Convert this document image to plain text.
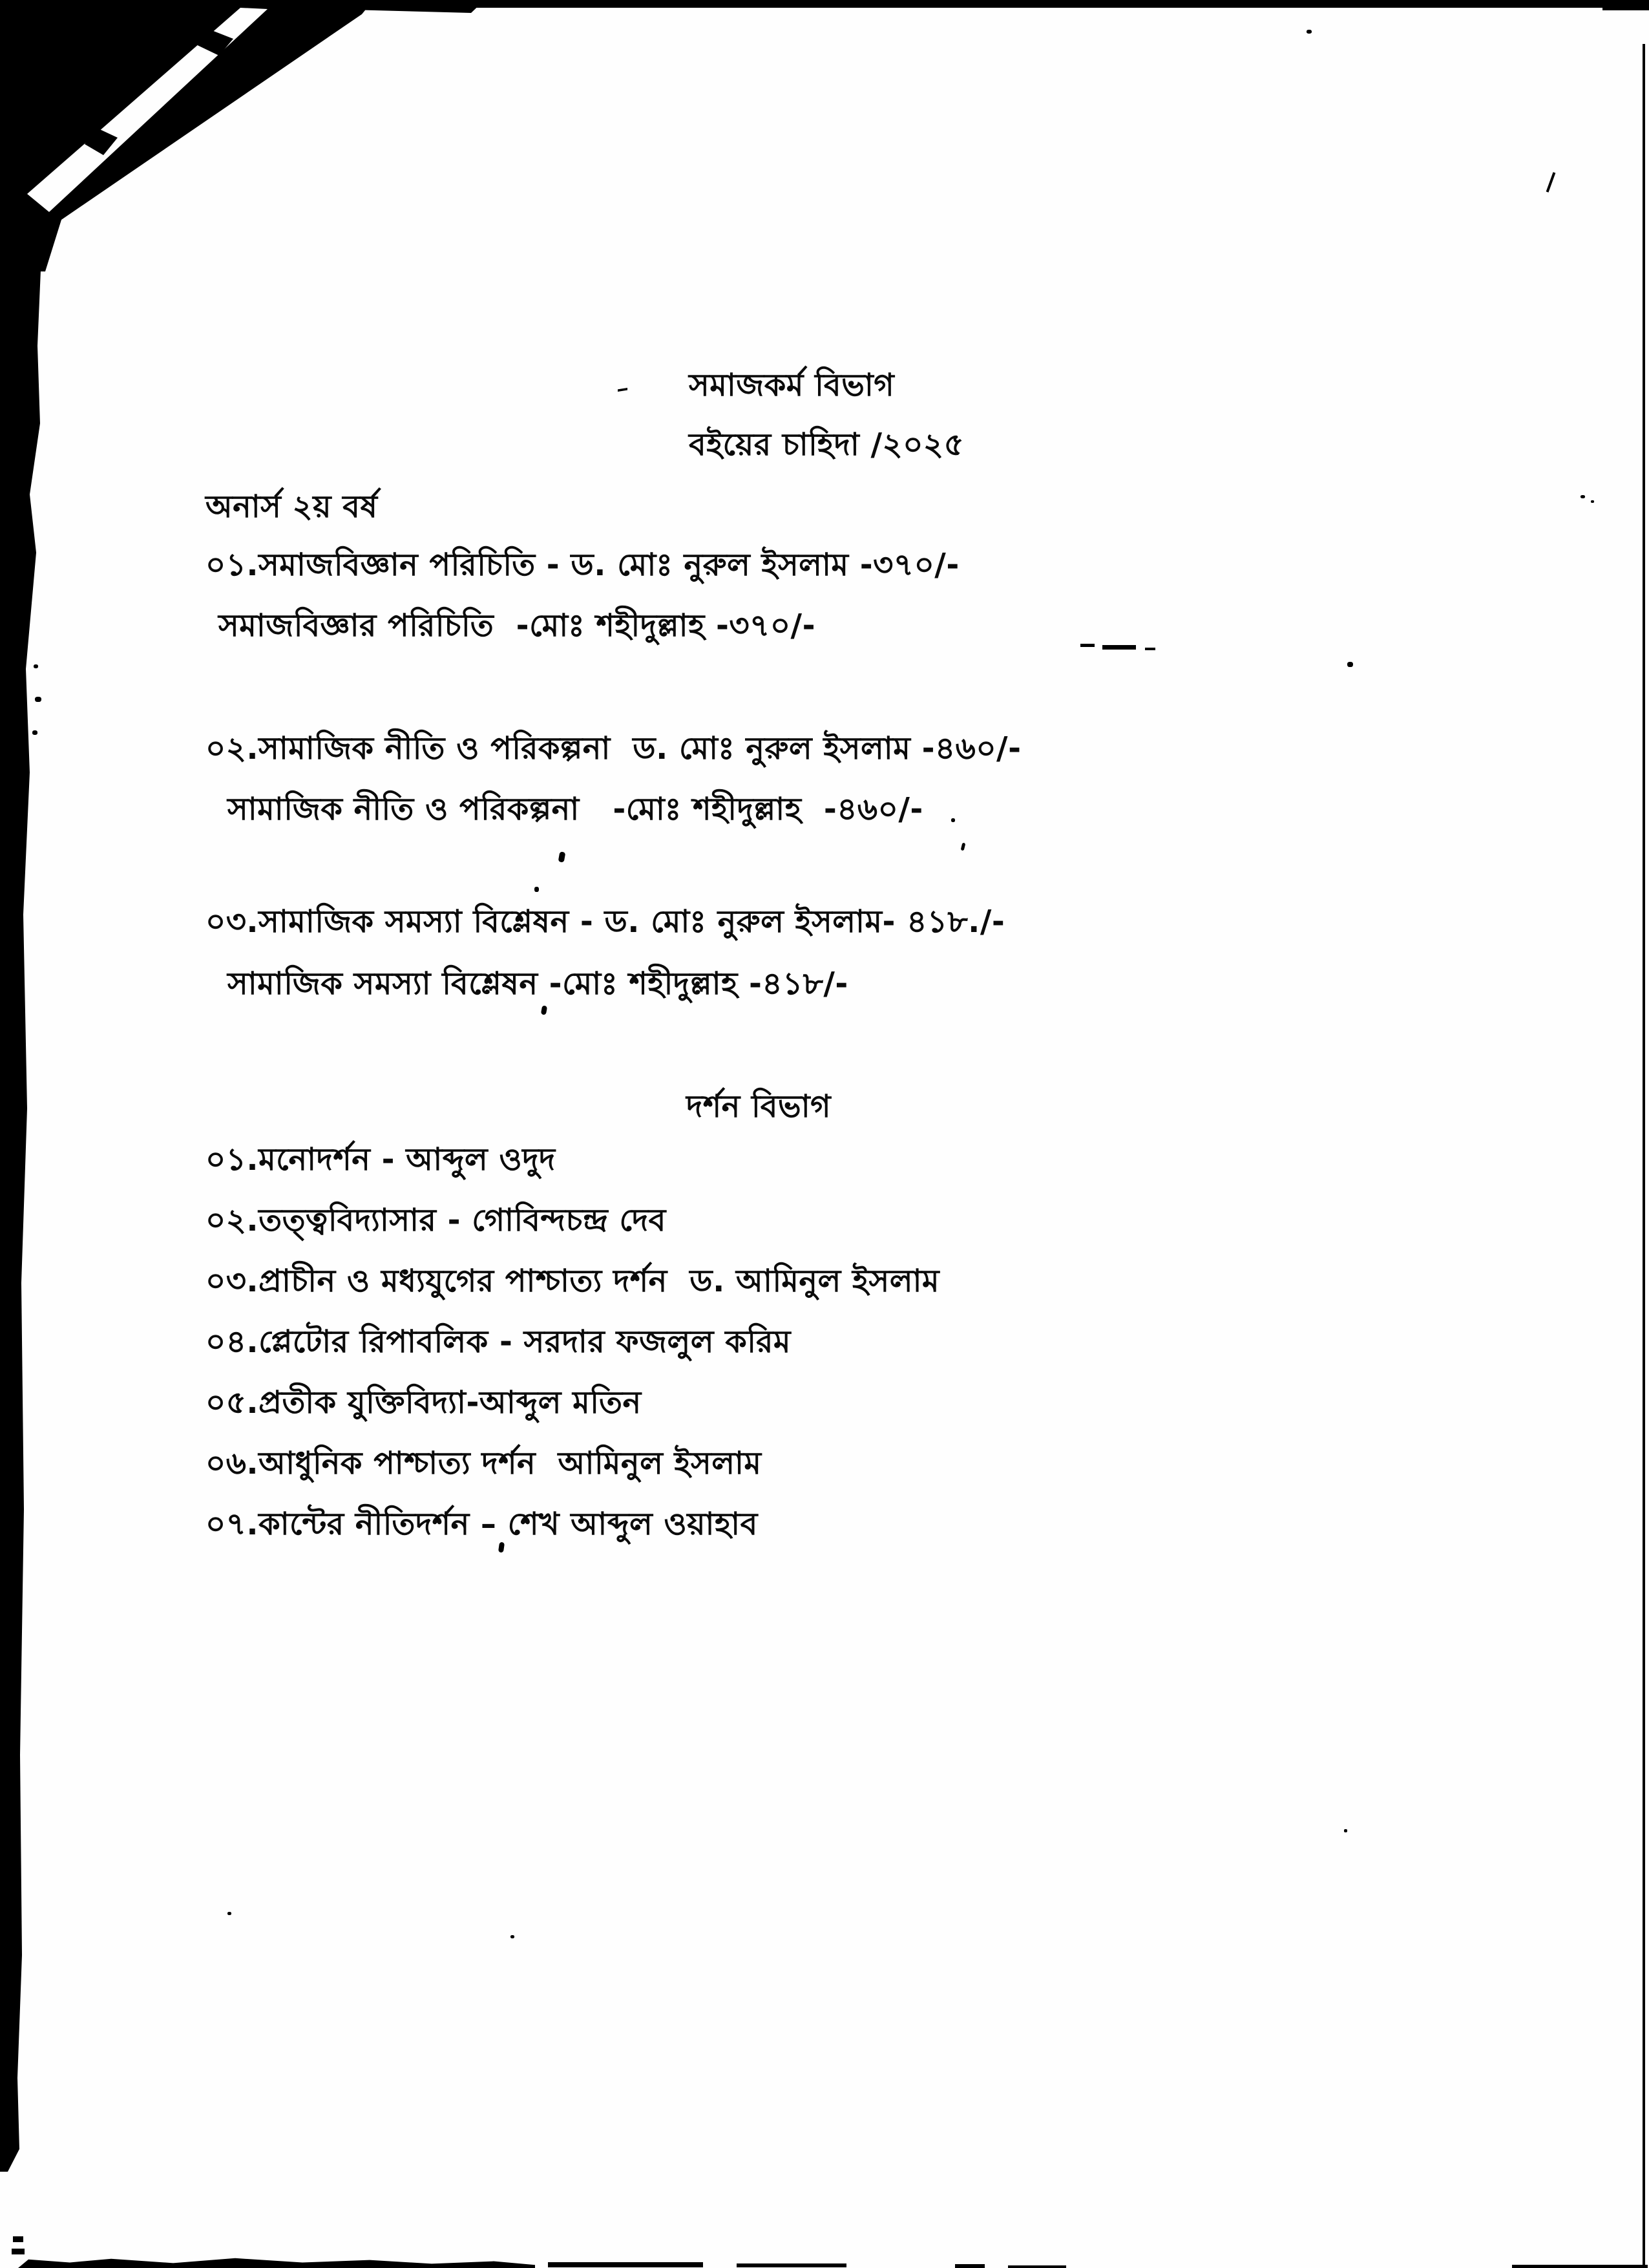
সমাজকর্ম বিভাগ
বইয়ের চাহিদা /২০২৫
অনার্স ২য় বর্ষ
০১.সমাজবিজ্ঞান পরিচিতি - ড. মোঃ নুরুল ইসলাম -৩৭০/-
সমাজবিজ্ঞার পরিচিতি  -মোঃ শহীদুল্লাহ -৩৭০/-
০২.সামাজিক নীতি ও পরিকল্পনা  ড. মোঃ নুরুল ইসলাম -৪৬০/-
সামাজিক নীতি ও পরিকল্পনা   -মোঃ শহীদুল্লাহ  -৪৬০/-
০৩.সামাজিক সমস্যা বিশ্লেষন - ড. মোঃ নুরুল ইসলাম- ৪১৮./-
সামাজিক সমস্যা বিশ্লেষন -মোঃ শহীদুল্লাহ -৪১৮/-
দর্শন বিভাগ
০১.মনোদর্শন - আব্দুল ওদুদ
০২.তত্ত্ববিদ্যাসার - গোবিন্দচন্দ্র দেব
০৩.প্রাচীন ও মধ্যযুগের পাশ্চাত্য দর্শন  ড. আমিনুল ইসলাম
০৪.প্লেটোর রিপাবলিক - সরদার ফজলুল করিম
০৫.প্রতীক যুক্তিবিদ্যা-আব্দুল মতিন
০৬.আধুনিক পাশ্চাত্য দর্শন  আমিনুল ইসলাম
০৭.কান্টের নীতিদর্শন – শেখ আব্দুল ওয়াহাব
